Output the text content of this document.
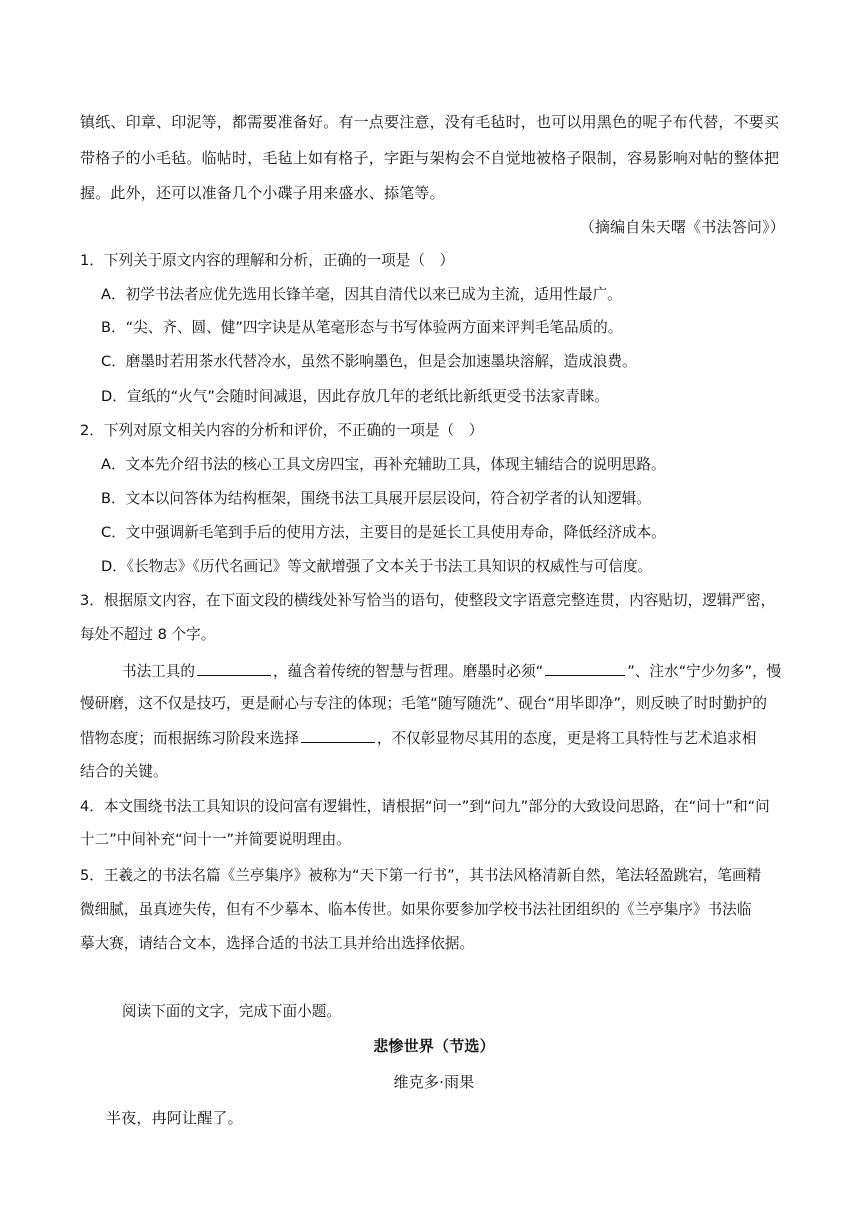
镇纸、印章、印泥等，都需要准备好。有一点要注意，没有毛毡时，也可以用黑色的呢子布代替，不要买
带格子的小毛毡。临帖时，毛毡上如有格子，字距与架构会不自觉地被格子限制，容易影响对帖的整体把
握。此外，还可以准备几个小碟子用来盛水、掭笔等。
（摘编自朱天曙《书法答问》）
1．下列关于原文内容的理解和分析，正确的一项是（　）
A．初学书法者应优先选用长锋羊毫，因其自清代以来已成为主流，适用性最广。
B．“尖、齐、圆、健”四字诀是从笔毫形态与书写体验两方面来评判毛笔品质的。
C．磨墨时若用茶水代替冷水，虽然不影响墨色，但是会加速墨块溶解，造成浪费。
D．宣纸的“火气”会随时间减退，因此存放几年的老纸比新纸更受书法家青睐。
2．下列对原文相关内容的分析和评价，不正确的一项是（　）
A．文本先介绍书法的核心工具文房四宝，再补充辅助工具，体现主辅结合的说明思路。
B．文本以问答体为结构框架，围绕书法工具展开层层设问，符合初学者的认知逻辑。
C．文中强调新毛笔到手后的使用方法，主要目的是延长工具使用寿命，降低经济成本。
D．《长物志》《历代名画记》等文献增强了文本关于书法工具知识的权威性与可信度。
3．根据原文内容，在下面文段的横线处补写恰当的语句，使整段文字语意完整连贯，内容贴切，逻辑严密，
每处不超过 8 个字。
书法工具的	，蕴含着传统的智慧与哲理。磨墨时必须“	”、注水“宁少勿多”，慢
慢研磨，这不仅是技巧，更是耐心与专注的体现；毛笔“随写随洗”、砚台“用毕即净”，则反映了时时勤护的
惜物态度；而根据练习阶段来选择	，不仅彰显物尽其用的态度，更是将工具特性与艺术追求相
结合的关键。
4．本文围绕书法工具知识的设问富有逻辑性，请根据“问一”到“问九”部分的大致设问思路，在“问十”和“问
十二”中间补充“问十一”并简要说明理由。
5．王羲之的书法名篇《兰亭集序》被称为“天下第一行书”，其书法风格清新自然，笔法轻盈跳宕，笔画精
微细腻，虽真迹失传，但有不少摹本、临本传世。如果你要参加学校书法社团组织的《兰亭集序》书法临
摹大赛，请结合文本，选择合适的书法工具并给出选择依据。
阅读下面的文字，完成下面小题。
悲惨世界（节选）
维克多·雨果
半夜，冉阿让醒了。
